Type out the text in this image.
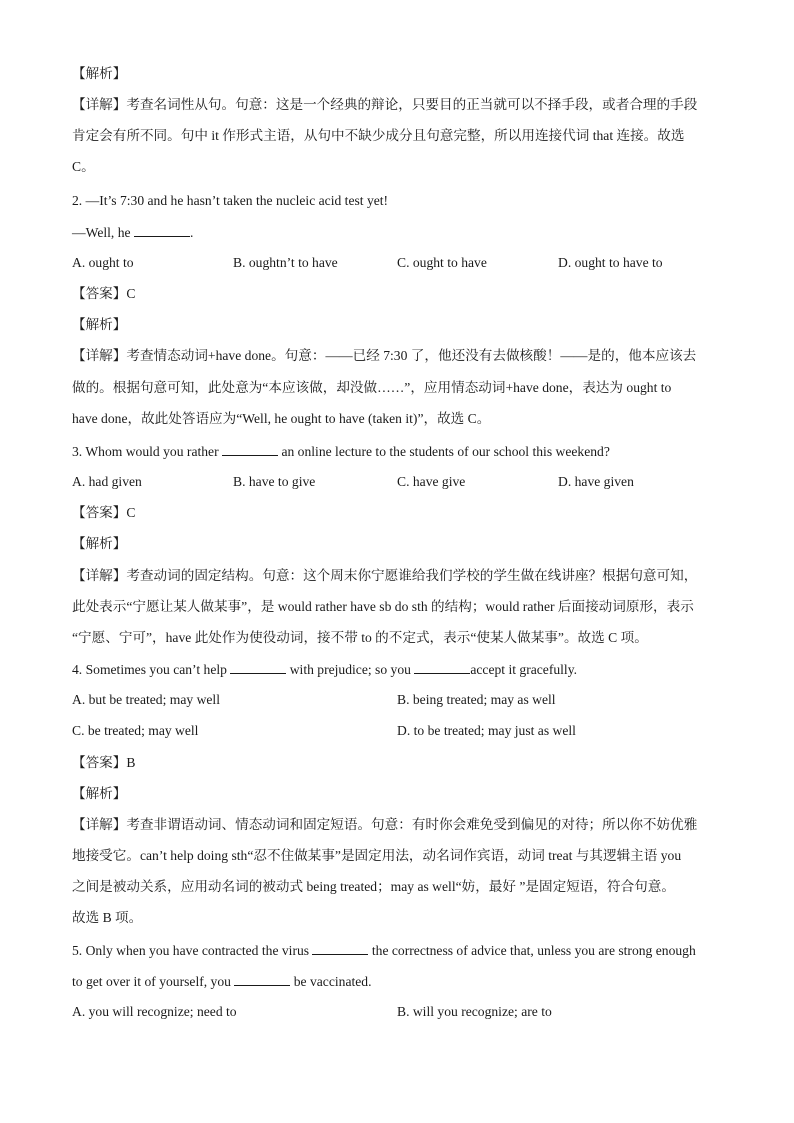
【解析】
【详解】考查名词性从句。句意：这是一个经典的辩论，只要目的正当就可以不择手段，或者合理的手段
肯定会有所不同。句中 it 作形式主语，从句中不缺少成分且句意完整，所以用连接代词 that 连接。故选
C。
2. —It’s 7:30 and he hasn’t taken the nucleic acid test yet!
—Well, he	.
A. ought to	B. oughtn’t to have	C. ought to have	D. ought to have to
【答案】C
【解析】
【详解】考查情态动词+have done。句意：——已经 7:30 了，他还没有去做核酸！——是的，他本应该去
做的。根据句意可知，此处意为“本应该做，却没做……”，应用情态动词+have done，表达为 ought to
have done，故此处答语应为“Well, he ought to have (taken it)”，故选 C。
3. Whom would you rather	an online lecture to the students of our school this weekend?
A. had given	B. have to give	C. have give	D. have given
【答案】C
【解析】
【详解】考查动词的固定结构。句意：这个周末你宁愿谁给我们学校的学生做在线讲座？根据句意可知，
此处表示“宁愿让某人做某事”，是 would rather have sb do sth 的结构；would rather 后面接动词原形，表示
“宁愿、宁可”，have 此处作为使役动词，接不带 to 的不定式，表示“使某人做某事”。故选 C 项。
4. Sometimes you can’t help	with prejudice; so you	accept it gracefully.
A. but be treated; may well	B. being treated; may as well
C. be treated; may well	D. to be treated; may just as well
【答案】B
【解析】
【详解】考查非谓语动词、情态动词和固定短语。句意：有时你会难免受到偏见的对待；所以你不妨优雅
地接受它。can’t help doing sth“忍不住做某事”是固定用法，动名词作宾语，动词 treat 与其逻辑主语 you
之间是被动关系，应用动名词的被动式 being treated；may as well“妨，最好 ”是固定短语，符合句意。
故选 B 项。
5. Only when you have contracted the virus	the correctness of advice that, unless you are strong enough
to get over it of yourself, you	be vaccinated.
A. you will recognize; need to	B. will you recognize; are to
